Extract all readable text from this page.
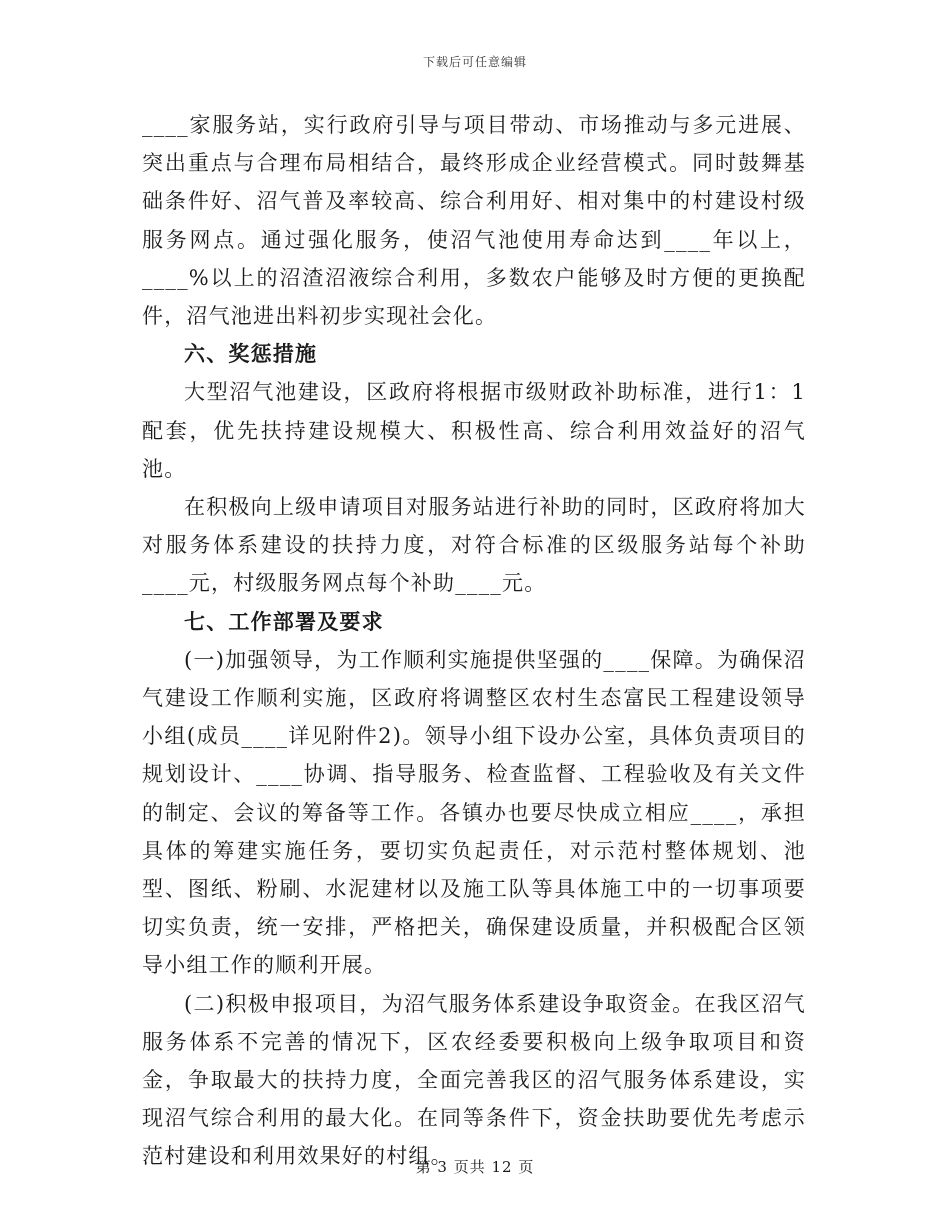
下载后可任意编辑

____家服务站，实行政府引导与项目带动、市场推动与多元进展、突出重点与合理布局相结合，最终形成企业经营模式。同时鼓舞基础条件好、沼气普及率较高、综合利用好、相对集中的村建设村级服务网点。通过强化服务，使沼气池使用寿命达到____年以上，____%以上的沼渣沼液综合利用，多数农户能够及时方便的更换配件，沼气池进出料初步实现社会化。

六、奖惩措施

大型沼气池建设，区政府将根据市级财政补助标准，进行1：1配套，优先扶持建设规模大、积极性高、综合利用效益好的沼气池。

在积极向上级申请项目对服务站进行补助的同时，区政府将加大对服务体系建设的扶持力度，对符合标准的区级服务站每个补助____元，村级服务网点每个补助____元。

七、工作部署及要求

(一)加强领导，为工作顺利实施提供坚强的____保障。为确保沼气建设工作顺利实施，区政府将调整区农村生态富民工程建设领导小组(成员____详见附件2)。领导小组下设办公室，具体负责项目的规划设计、____协调、指导服务、检查监督、工程验收及有关文件的制定、会议的筹备等工作。各镇办也要尽快成立相应____，承担具体的筹建实施任务，要切实负起责任，对示范村整体规划、池型、图纸、粉刷、水泥建材以及施工队等具体施工中的一切事项要切实负责，统一安排，严格把关，确保建设质量，并积极配合区领导小组工作的顺利开展。

(二)积极申报项目，为沼气服务体系建设争取资金。在我区沼气服务体系不完善的情况下，区农经委要积极向上级争取项目和资金，争取最大的扶持力度，全面完善我区的沼气服务体系建设，实现沼气综合利用的最大化。在同等条件下，资金扶助要优先考虑示范村建设和利用效果好的村组。

第 3 页共 12 页
